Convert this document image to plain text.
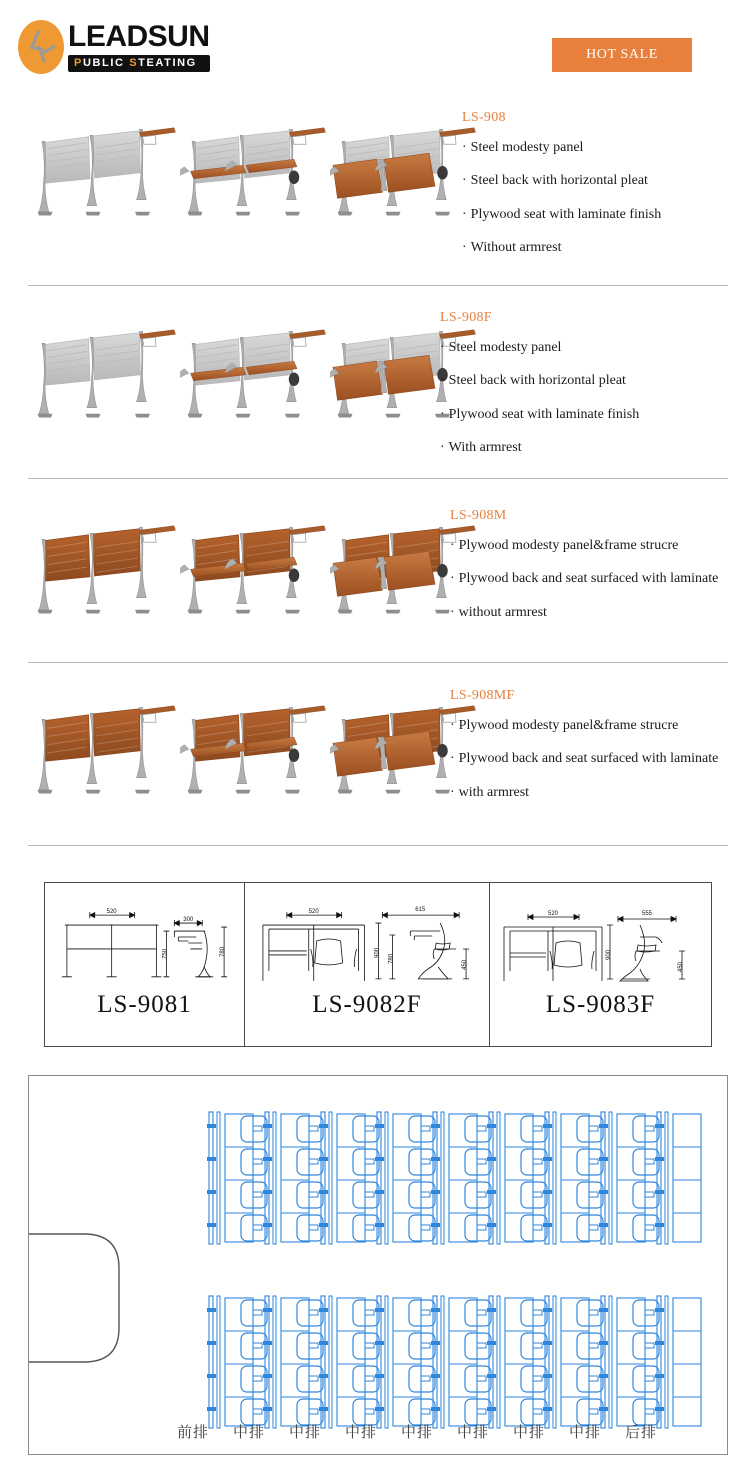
LEADSUN
PUBLIC STEATING
HOT SALE
LS-908
· Steel modesty panel
· Steel back with horizontal pleat
· Plywood seat with laminate finish
· Without armrest
LS-908F
· Steel modesty panel
· Steel back with horizontal pleat
· Plywood seat with laminate finish
· With armrest
LS-908M
· Plywood modesty panel&frame strucre
· Plywood back and seat surfaced with laminate
· without armrest
LS-908MF
· Plywood modesty panel&frame strucre
· Plywood back and seat surfaced with laminate
· with armrest
520
300
750	780
LS-9081
520	615
900
780
450
LS-9082F
520	555
900
450
LS-9083F
前排	中排	中排	中排	中排	中排	中排	中排	后排
